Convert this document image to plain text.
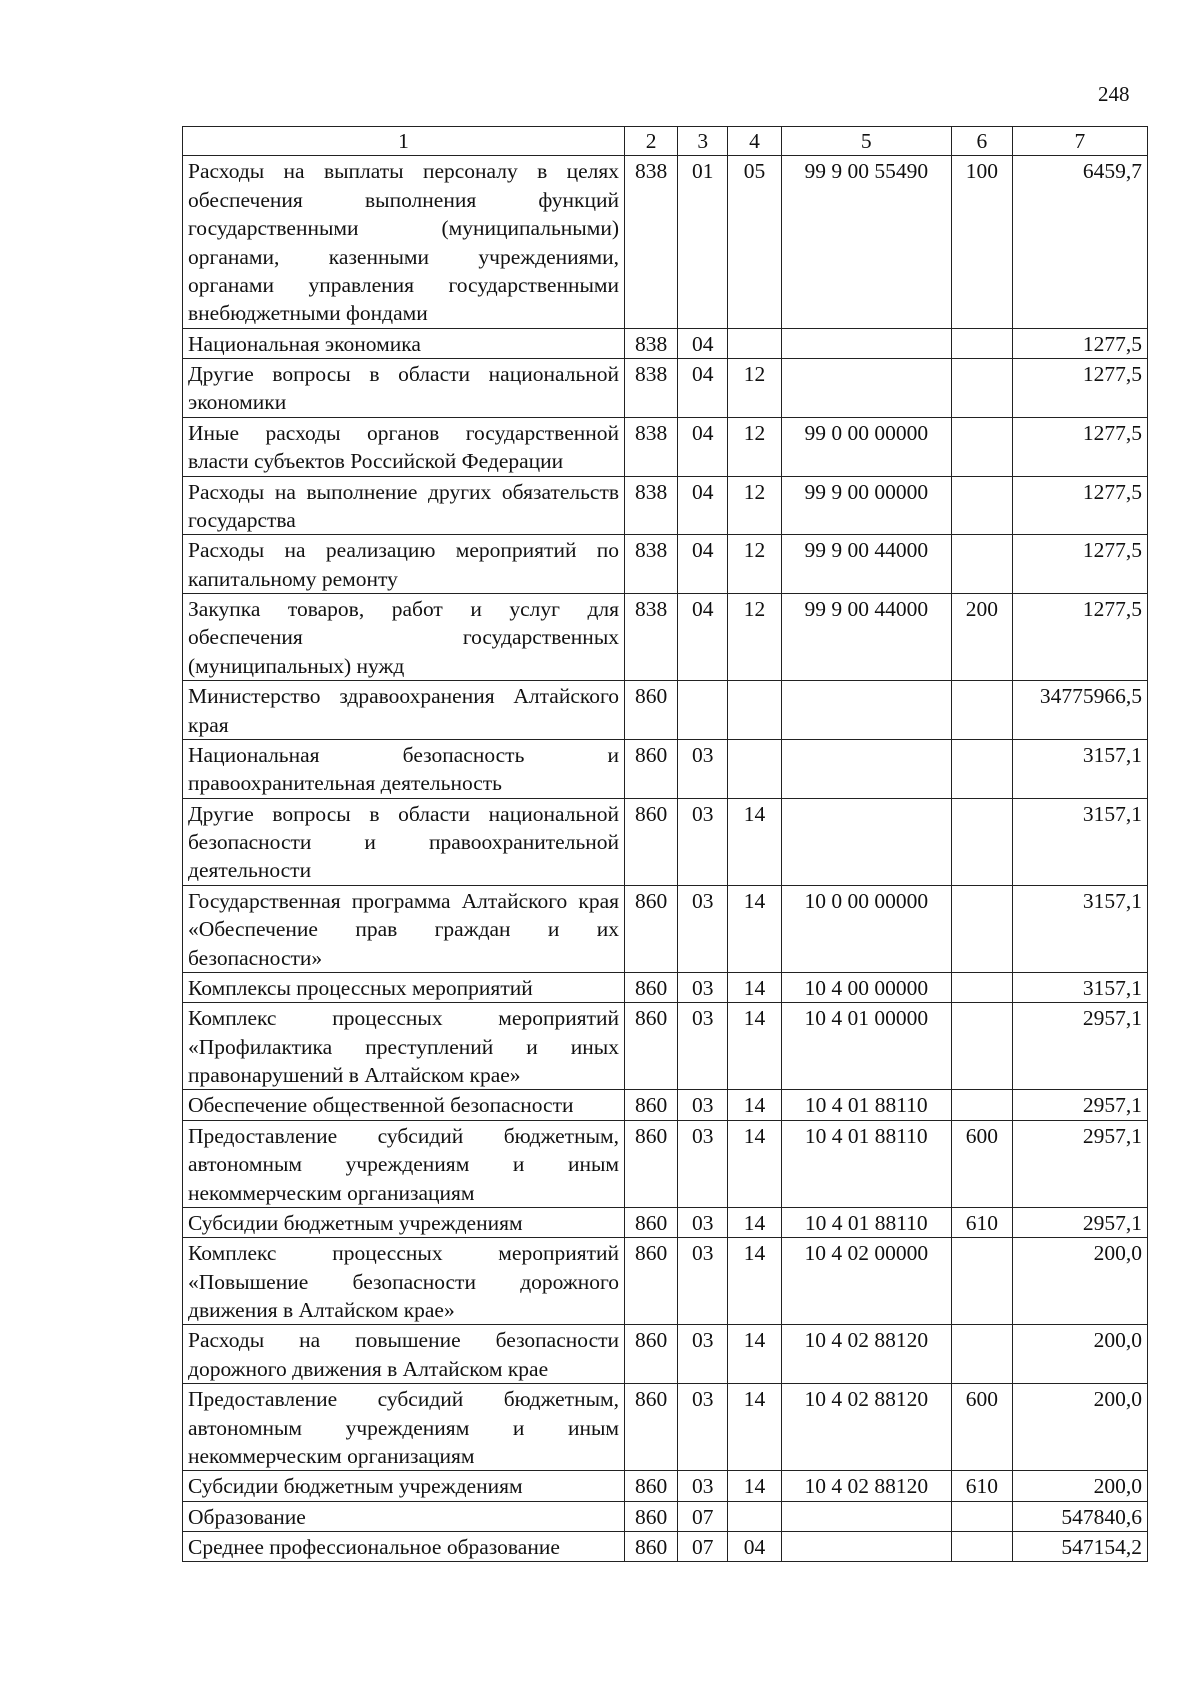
248
1	2	3	4	5	6	7
Расходы на выплаты персоналу в целях обеспечения выполнения функций государственными (муниципальными) органами, казенными учреждениями, органами управления государственными внебюджетными фондами	838	01	05	99 9 00 55490	100	6459,7
Национальная экономика	838	04				1277,5
Другие вопросы в области национальной экономики	838	04	12			1277,5
Иные расходы органов государственной власти субъектов Российской Федерации	838	04	12	99 0 00 00000		1277,5
Расходы на выполнение других обязательств государства	838	04	12	99 9 00 00000		1277,5
Расходы на реализацию мероприятий по капитальному ремонту	838	04	12	99 9 00 44000		1277,5
Закупка товаров, работ и услуг для обеспечения государственных (муниципальных) нужд	838	04	12	99 9 00 44000	200	1277,5
Министерство здравоохранения Алтайского края	860					34775966,5
Национальная безопасность и правоохранительная деятельность	860	03				3157,1
Другие вопросы в области национальной безопасности и правоохранительной деятельности	860	03	14			3157,1
Государственная программа Алтайского края «Обеспечение прав граждан и их безопасности»	860	03	14	10 0 00 00000		3157,1
Комплексы процессных мероприятий	860	03	14	10 4 00 00000		3157,1
Комплекс процессных мероприятий «Профилактика преступлений и иных правонарушений в Алтайском крае»	860	03	14	10 4 01 00000		2957,1
Обеспечение общественной безопасности	860	03	14	10 4 01 88110		2957,1
Предоставление субсидий бюджетным, автономным учреждениям и иным некоммерческим организациям	860	03	14	10 4 01 88110	600	2957,1
Субсидии бюджетным учреждениям	860	03	14	10 4 01 88110	610	2957,1
Комплекс процессных мероприятий «Повышение безопасности дорожного движения в Алтайском крае»	860	03	14	10 4 02 00000		200,0
Расходы на повышение безопасности дорожного движения в Алтайском крае	860	03	14	10 4 02 88120		200,0
Предоставление субсидий бюджетным, автономным учреждениям и иным некоммерческим организациям	860	03	14	10 4 02 88120	600	200,0
Субсидии бюджетным учреждениям	860	03	14	10 4 02 88120	610	200,0
Образование	860	07				547840,6
Среднее профессиональное образование	860	07	04			547154,2
